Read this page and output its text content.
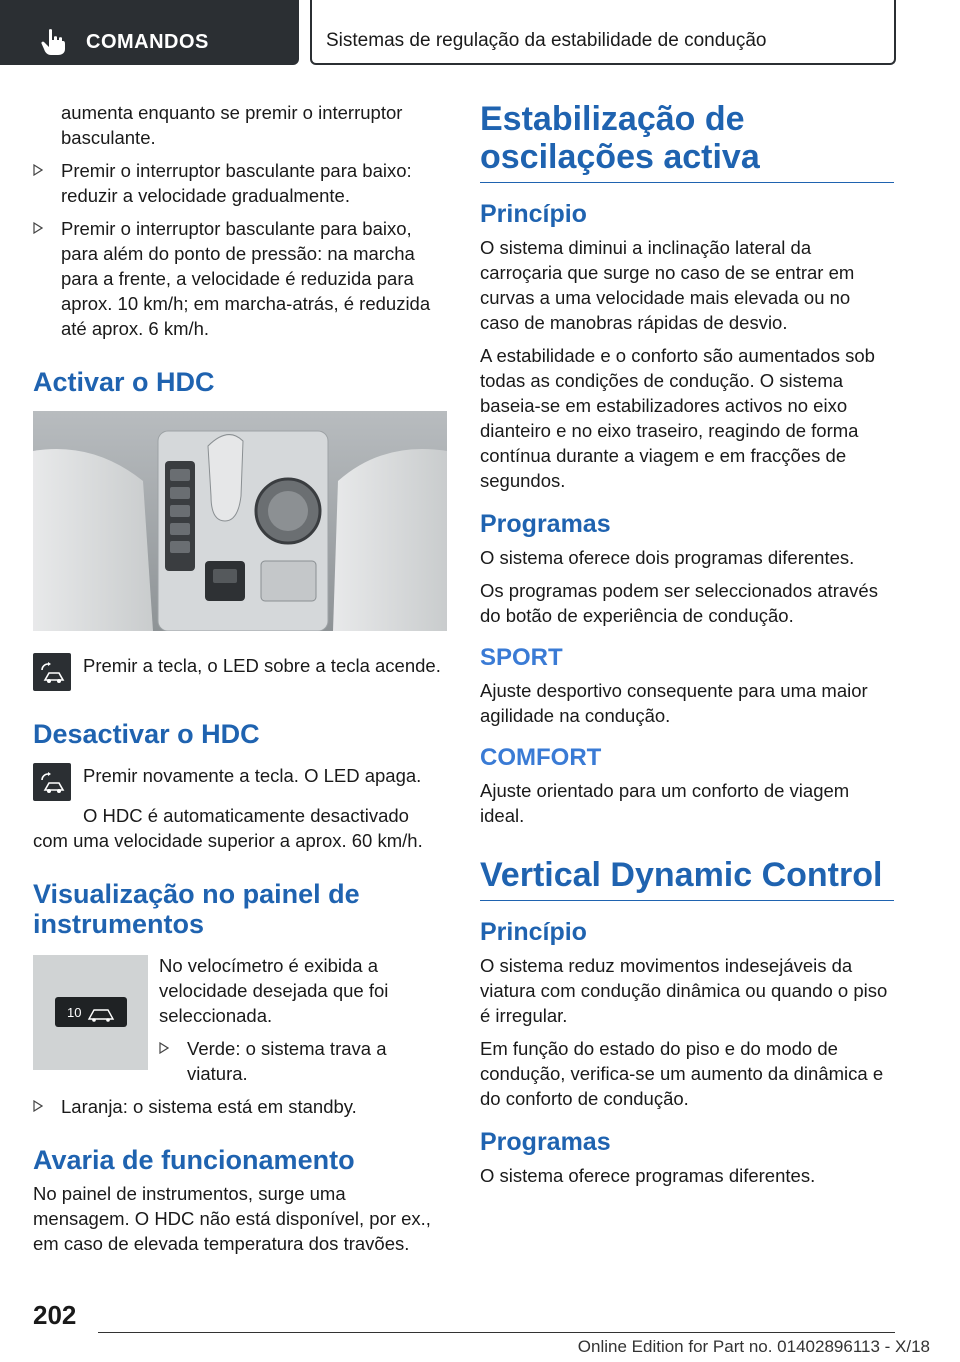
COMANDOS	Sistemas de regulação da estabilidade de condução
aumenta enquanto se premir o interruptor basculante.
Premir o interruptor basculante para baixo: reduzir a velocidade gradualmente.
Premir o interruptor basculante para baixo, para além do ponto de pressão: na marcha para a frente, a velocidade é reduzida para aprox. 10 km/h; em marcha-atrás, é reduzida até aprox. 6 km/h.
Activar o HDC
Premir a tecla, o LED sobre a tecla acende.
Desactivar o HDC
Premir novamente a tecla. O LED apaga.
O HDC é automaticamente desactivado com uma velocidade superior a aprox. 60 km/h.
Visualização no painel de instrumentos
10
No velocímetro é exibida a velocidade desejada que foi seleccionada.
Verde: o sistema trava a viatura.
Laranja: o sistema está em standby.
Avaria de funcionamento
No painel de instrumentos, surge uma mensagem. O HDC não está disponível, por ex., em caso de elevada temperatura dos travões.
Estabilização de oscilações activa
Princípio
O sistema diminui a inclinação lateral da carroçaria que surge no caso de se entrar em curvas a uma velocidade mais elevada ou no caso de manobras rápidas de desvio.
A estabilidade e o conforto são aumentados sob todas as condições de condução. O sistema baseia-se em estabilizadores activos no eixo dianteiro e no eixo traseiro, reagindo de forma contínua durante a viagem e em fracções de segundos.
Programas
O sistema oferece dois programas diferentes.
Os programas podem ser seleccionados através do botão de experiência de condução.
SPORT
Ajuste desportivo consequente para uma maior agilidade na condução.
COMFORT
Ajuste orientado para um conforto de viagem ideal.
Vertical Dynamic Control
Princípio
O sistema reduz movimentos indesejáveis da viatura com condução dinâmica ou quando o piso é irregular.
Em função do estado do piso e do modo de condução, verifica-se um aumento da dinâmica e do conforto de condução.
Programas
O sistema oferece programas diferentes.
202
Online Edition for Part no. 01402896113 - X/18
